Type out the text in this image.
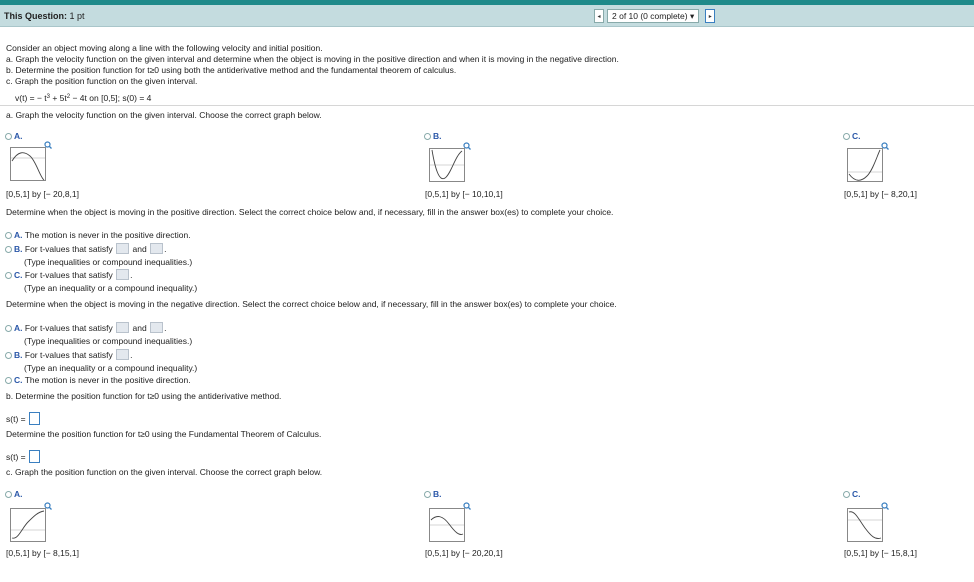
This Question: 1 pt	◂ 2 of 10 (0 complete)
▾ ▸
Consider an object moving along a line with the following velocity and initial position.
a. Graph the velocity function on the given interval and determine when the object is moving in the positive direction and when it is moving in the negative direction.
b. Determine the position function for t≥0 using both the antiderivative method and the fundamental theorem of calculus.
c. Graph the position function on the given interval.
v(t) = − $t^3 + 5t^2 - 4t$ on [0,5]; s(0) = 4
a. Graph the velocity function on the given interval. Choose the correct graph below.
A.
[0,5,1] by [− 20,8,1]
B.
[0,5,1] by [− 10,10,1]
C.
[0,5,1] by [− 8,20,1]
Determine when the object is moving in the positive direction. Select the correct choice below and, if necessary, fill in the answer box(es) to complete your choice.
A. The motion is never in the positive direction.
B. For t-values that satisfy and .
(Type inequalities or compound inequalities.)
C. For t-values that satisfy .
(Type an inequality or a compound inequality.)
Determine when the object is moving in the negative direction. Select the correct choice below and, if necessary, fill in the answer box(es) to complete your choice.
A. For t-values that satisfy and .
(Type inequalities or compound inequalities.)
B. For t-values that satisfy .
(Type an inequality or a compound inequality.)
C. The motion is never in the positive direction.
b. Determine the position function for t≥0 using the antiderivative method.
s(t) =
Determine the position function for t≥0 using the Fundamental Theorem of Calculus.
s(t) =
c. Graph the position function on the given interval. Choose the correct graph below.
A.
[0,5,1] by [− 8,15,1]
B.
[0,5,1] by [− 20,20,1]
C.
[0,5,1] by [− 15,8,1]
